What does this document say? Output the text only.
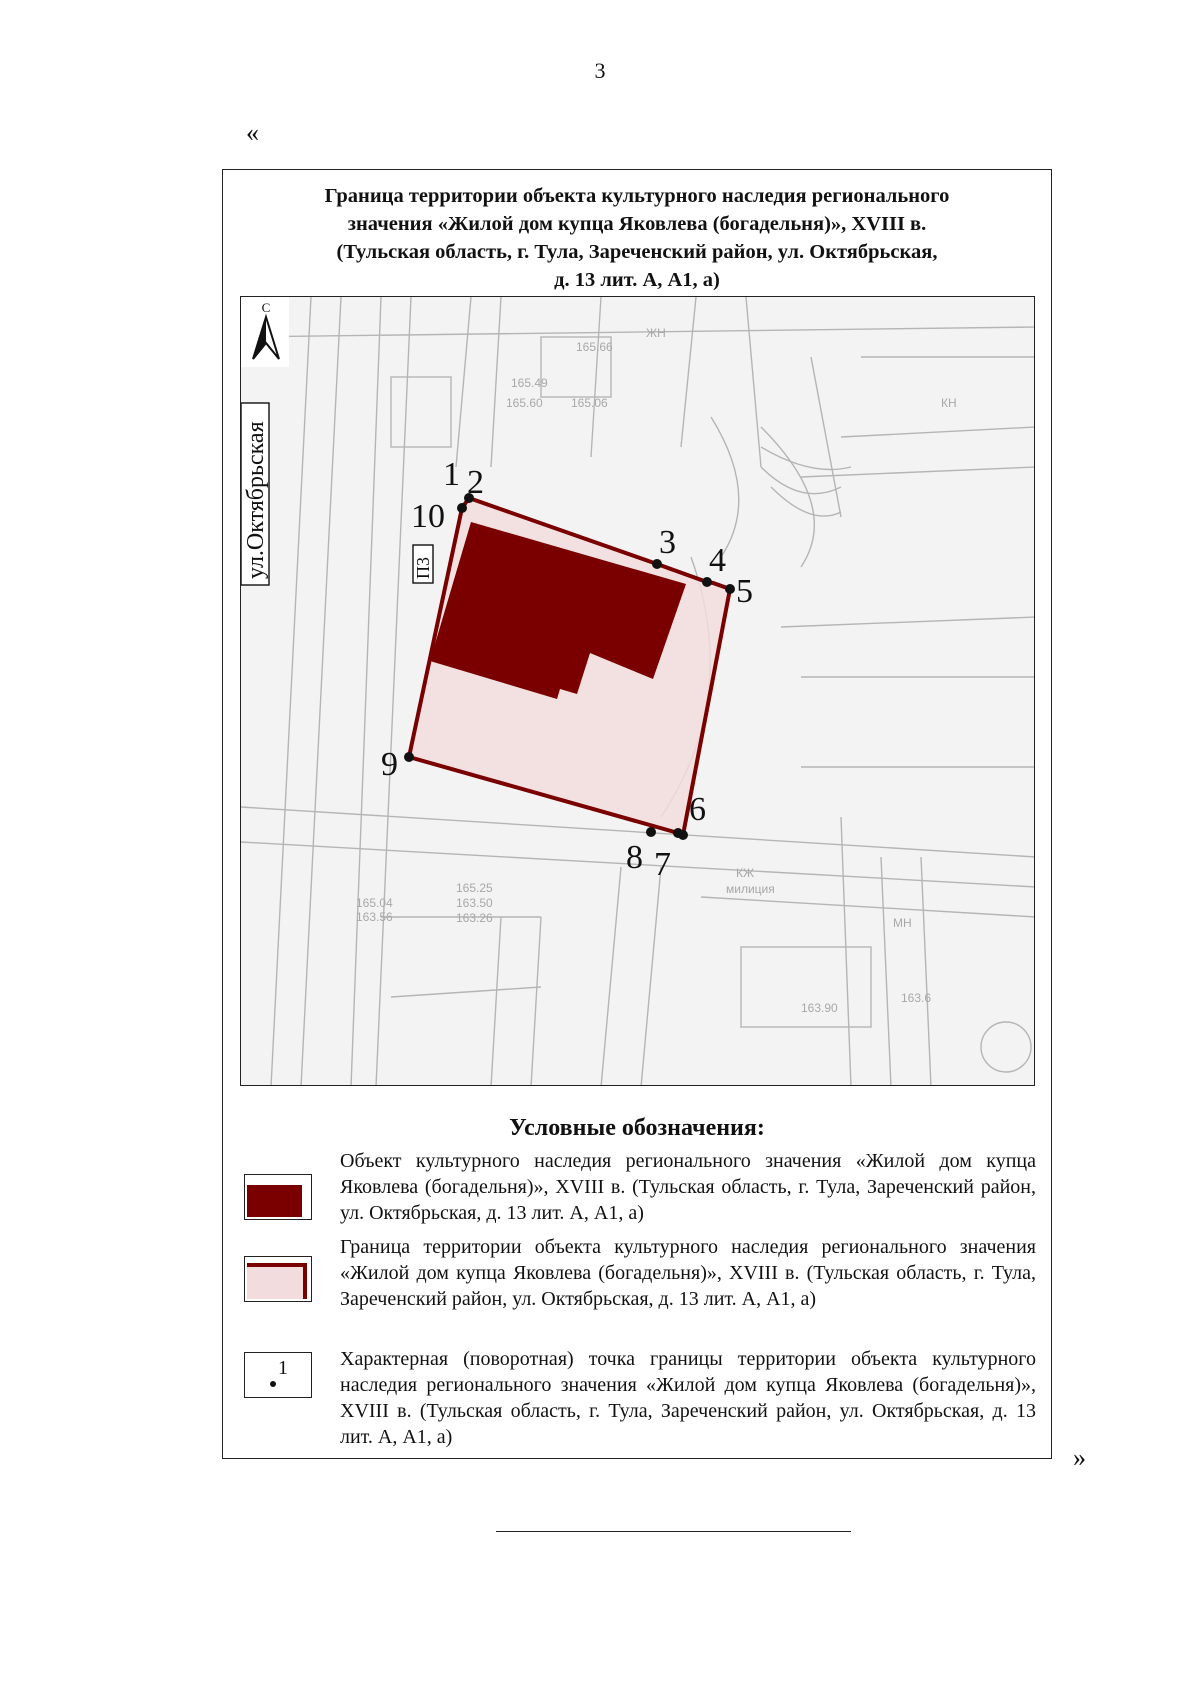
3
«
Граница территории объекта культурного наследия регионального
значения «Жилой дом купца Яковлева (богадельня)», XVIII в.
(Тульская область, г. Тула, Зареченский район, ул. Октябрьская,
д. 13 лит. А, А1, а)
165.66
165.49
165.06
165.60
165.25
163.50
163.26
165.04
163.56
163.90
163.6
МН
КЖ
милиция
КН
ЖН
С
ул.Октябрьская	П3
1 2
3 4
5
6
7
8
9
10
Условные обозначения:
Объект культурного наследия регионального значения «Жилой дом купца Яковлева (богадельня)», XVIII в. (Тульская область, г. Тула, Зареченский район, ул. Октябрьская, д. 13 лит. А, А1, а)
Граница территории объекта культурного наследия регионального значения «Жилой дом купца Яковлева (богадельня)», XVIII в. (Тульская область, г. Тула, Зареченский район, ул. Октябрьская, д. 13 лит. А, А1, а)
1	Характерная (поворотная) точка границы территории объекта культурного наследия регионального значения «Жилой дом купца Яковлева (богадельня)», XVIII в. (Тульская область, г. Тула, Зареченский район, ул. Октябрьская, д. 13 лит. А, А1, а)
»
